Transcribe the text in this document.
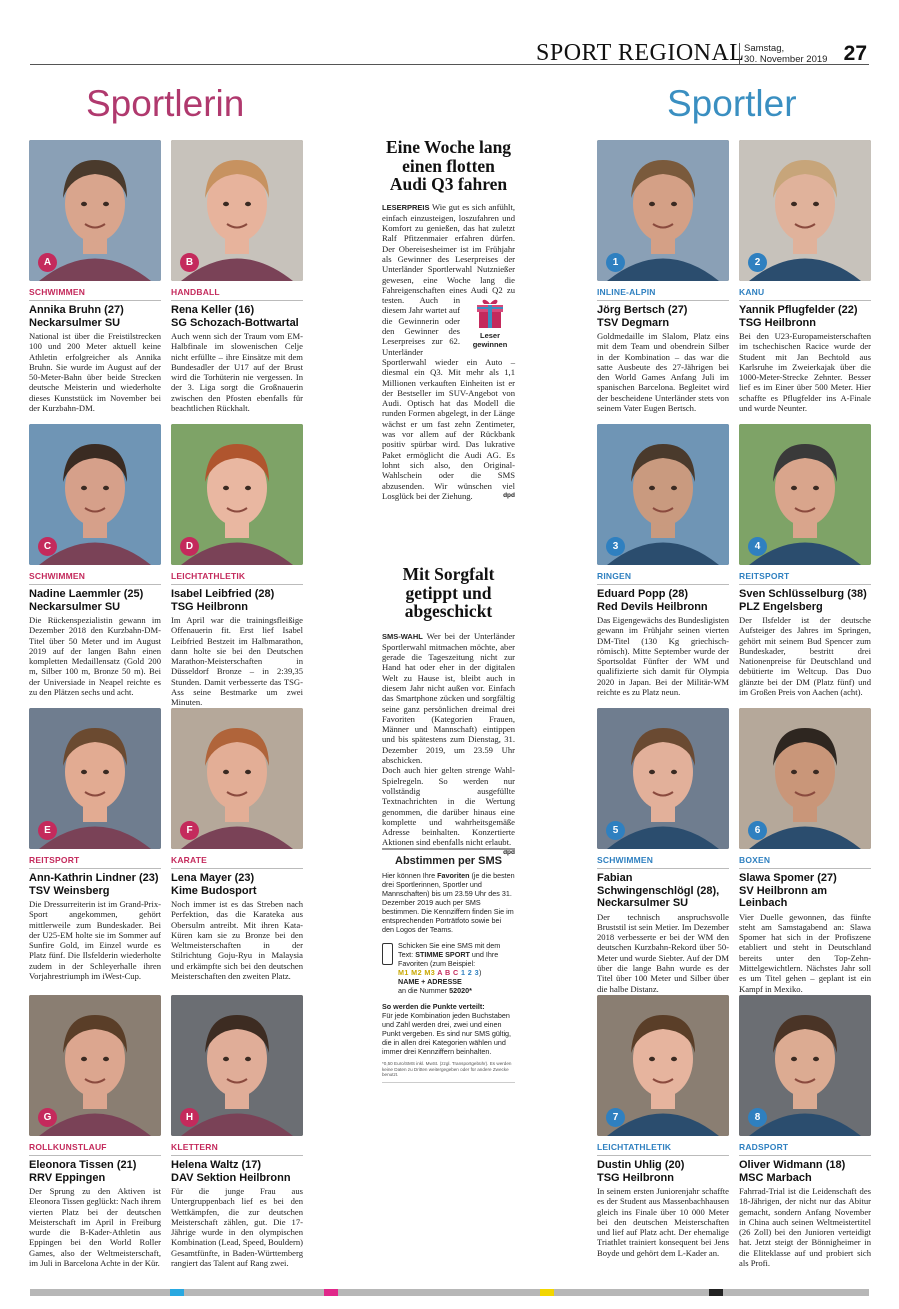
SPORT REGIONAL Samstag,
30. November 2019 27
Sportlerin	Sportler
A
SCHWIMMEN
Annika Bruhn (27)
Neckarsulmer SU
National ist über die Freistilstrecken 100 und 200 Meter aktuell keine Athletin erfolgreicher als Annika Bruhn. Sie wurde im August auf der 50-Meter-Bahn über beide Strecken deutsche Meisterin und wiederholte dieses Kunststück im November bei der Kurzbahn-DM.
B
HANDBALL
Rena Keller (16)
SG Schozach-Bottwartal
Auch wenn sich der Traum vom EM-Halbfinale im slowenischen Celje nicht erfüllte – ihre Einsätze mit dem Bundesadler der U17 auf der Brust wird die Torhüterin nie vergessen. In der 3. Liga sorgt die Großnauerin zwischen den Pfosten ebenfalls für beachtlichen Rückhalt.
C
SCHWIMMEN
Nadine Laemmler (25)
Neckarsulmer SU
Die Rückenspezialistin gewann im Dezember 2018 den Kurzbahn-DM-Titel über 50 Meter und im August 2019 auf der langen Bahn einen kompletten Medaillensatz (Gold 200 m, Silber 100 m, Bronze 50 m). Bei der Universiade in Neapel reichte es zu den Plätzen sechs und acht.
D
LEICHTATHLETIK
Isabel Leibfried (28)
TSG Heilbronn
Im April war die trainingsfleißige Offenauerin fit. Erst lief Isabel Leibfried Bestzeit im Halbmarathon, dann holte sie bei den Deutschen Marathon-Meisterschaften in Düsseldorf Bronze – in 2:39,35 Stunden. Damit verbesserte das TSG-Ass seine Bestmarke um zwei Minuten.
E
REITSPORT
Ann-Kathrin Lindner (23)
TSV Weinsberg
Die Dressurreiterin ist im Grand-Prix-Sport angekommen, gehört mittlerweile zum Bundeskader. Bei der U25-EM holte sie im Sommer auf Sunfire Gold, im Einzel wurde es Platz fünf. Die Ilsfelderin wiederholte zudem in der Schleyerhalle ihren Vorjahrestriumph im iWest-Cup.
F
KARATE
Lena Mayer (23)
Kime Budosport
Noch immer ist es das Streben nach Perfektion, das die Karateka aus Obersulm antreibt. Mit ihren Kata-Küren kam sie zu Bronze bei den Weltmeisterschaften in der Stilrichtung Goju-Ryu in Malaysia und erkämpfte sich bei den deutschen Meisterschaften den zweiten Platz.
G
ROLLKUNSTLAUF
Eleonora Tissen (21)
RRV Eppingen
Der Sprung zu den Aktiven ist Eleonora Tissen geglückt: Nach ihrem vierten Platz bei der deutschen Meisterschaft im April in Freiburg wurde die B-Kader-Athletin aus Eppingen bei den World Roller Games, also der Weltmeisterschaft, im Juli in Barcelona Achte in der Kür.
H
KLETTERN
Helena Waltz (17)
DAV Sektion Heilbronn
Für die junge Frau aus Untergruppenbach lief es bei den Wettkämpfen, die zur deutschen Meisterschaft zählen, gut. Die 17-Jährige wurde in den olympischen Kombination (Lead, Speed, Bouldern) Gesamtfünfte, in Baden-Württemberg rangiert das Talent auf Rang zwei.
1
INLINE-ALPIN
Jörg Bertsch (27)
TSV Degmarn
Goldmedaille im Slalom, Platz eins mit dem Team und obendrein Silber in der Kombination – das war die satte Ausbeute des 27-Jährigen bei den World Games Anfang Juli im spanischen Barcelona. Begleitet wird der bescheidene Unterländer stets von seinem Vater Eugen Bertsch.
2
KANU
Yannik Pflugfelder (22)
TSG Heilbronn
Bei den U23-Europameisterschaften im tschechischen Racice wurde der Student mit Jan Bechtold aus Karlsruhe im Zweierkajak über die 1000-Meter-Strecke Zehnter. Besser lief es im Einer über 500 Meter. Hier schaffte es Pflugfelder ins A-Finale und wurde Neunter.
3
RINGEN
Eduard Popp (28)
Red Devils Heilbronn
Das Eigengewächs des Bundesligisten gewann im Frühjahr seinen vierten DM-Titel (130 Kg griechisch-römisch). Mitte September wurde der Sportsoldat Fünfter der WM und qualifizierte sich damit für Olympia 2020 in Japan. Bei der Militär-WM reichte es zu Platz neun.
4
REITSPORT
Sven Schlüsselburg (38)
PLZ Engelsberg
Der Ilsfelder ist der deutsche Aufsteiger des Jahres im Springen, gehört mit seinem Bud Spencer zum Bundeskader, bestritt drei Nationenpreise für Deutschland und debütierte im Weltcup. Das Duo glänzte bei der DM (Platz fünf) und im Großen Preis von Aachen (acht).
5
SCHWIMMEN
Fabian Schwingenschlögl (28), Neckarsulmer SU
Der technisch anspruchsvolle Bruststil ist sein Metier. Im Dezember 2018 verbesserte er bei der WM den deutschen Kurzbahn-Rekord über 50-Meter und wurde Siebter. Auf der DM über die lange Bahn wurde es der Titel über 100 Meter und Silber über die halbe Distanz.
6
BOXEN
Slawa Spomer (27)
SV Heilbronn am Leinbach
Vier Duelle gewonnen, das fünfte steht am Samstagabend an: Slawa Spomer hat sich in der Profiszene etabliert und steht in Deutschland bereits unter den Top-Zehn-Mittelgewichtlern. Nächstes Jahr soll es um Titel gehen – geplant ist ein Kampf in Mexiko.
7
LEICHTATHLETIK
Dustin Uhlig (20)
TSG Heilbronn
In seinem ersten Juniorenjahr schaffte es der Student aus Massenbachhausen gleich ins Finale über 10 000 Meter bei den deutschen Meisterschaften und lief auf Platz acht. Der ehemalige Triathlet trainiert konsequent bei Jens Boyde und gehört dem L-Kader an.
8
RADSPORT
Oliver Widmann (18)
MSC Marbach
Fahrrad-Trial ist die Leidenschaft des 18-Jährigen, der nicht nur das Abitur gemacht, sondern Anfang November in China auch seinen Weltmeistertitel (26 Zoll) bei den Junioren verteidigt hat. Jetzt steigt der Bönnigheimer in die Eliteklasse auf und probiert sich als Profi.
Eine Woche lang einen flotten Audi Q3 fahren
LESERPREIS Wie gut es sich anfühlt, einfach einzusteigen, loszufahren und Komfort zu genießen, das hat zuletzt Ralf Pfitzenmaier erfahren dürfen. Der Obereisesheimer ist im Frühjahr als Gewinner des Leserpreises der Unterländer Sportlerwahl Nutznießer gewesen, eine Woche lang die Fahreigenschaften eines Audi Q2 zu testen.
Leser gewinnen
Auch in diesem Jahr wartet auf die Gewinnerin oder den Gewinner des Leserpreises zur 62. Unterländer Sportlerwahl wieder ein Auto – diesmal ein Q3. Mit mehr als 1,1 Millionen verkauften Einheiten ist er der Bestseller im SUV-Angebot von Audi. Optisch hat das Modell die runden Formen abgelegt, in der Länge wächst er um fast zehn Zentimeter, was vor allem auf der Rückbank positiv spürbar wird. Das lukrative Paket ermöglicht die Audi AG. Es lohnt sich also, den Original-Wahlschein oder die SMS abzusenden. Wir wünschen viel Losglück bei der Ziehung.	dpd
Mit Sorgfalt getippt und abgeschickt
SMS-WAHL Wer bei der Unterländer Sportlerwahl mitmachen möchte, aber gerade die Tageszeitung nicht zur Hand hat oder eher in der digitalen Welt zu Hause ist, bleibt auch in diesem Jahr nicht außen vor. Einfach das Smartphone zücken und sorgfältig seine ganz persönlichen dreimal drei Favoriten (Kategorien Frauen, Männer und Mannschaft) eintippen und bis spätestens zum Dienstag, 31. Dezember 2019, um 23.59 Uhr abschicken.
Doch auch hier gelten strenge Wahl-Spielregeln. So werden nur vollständig ausgefüllte Textnachrichten in die Wertung genommen, die darüber hinaus eine komplette und wahrheitsgemäße Adresse beinhalten. Konzertierte Aktionen sind ebenfalls nicht erlaubt.
dpd
Abstimmen per SMS
Hier können Ihre Favoriten (je die besten drei Sportlerinnen, Sportler und Mannschaften) bis um 23.59 Uhr des 31. Dezember 2019 auch per SMS bestimmen. Die Kennziffern finden Sie im entsprechenden Porträtfoto sowie bei den Logos der Teams.
Schicken Sie eine SMS mit dem Text: STIMME SPORT und Ihre Favoriten (zum Beispiel:
M1 M2 M3 A B C 1 2 3)
NAME + ADRESSE
an die Nummer 52020*
So werden die Punkte verteilt:
Für jede Kombination jeden Buchstaben und Zahl werden drei, zwei und einen Punkt vergeben. Es sind nur SMS gültig, die in allen drei Kategorien wählen und immer drei Kennziffern beinhalten.
*0,50 Euro/SMS inkl. MwSt. (zzgl. Transportgebühr). Es werden keine Daten zu Dritten weitergegeben oder für andere Zwecke benutzt.
